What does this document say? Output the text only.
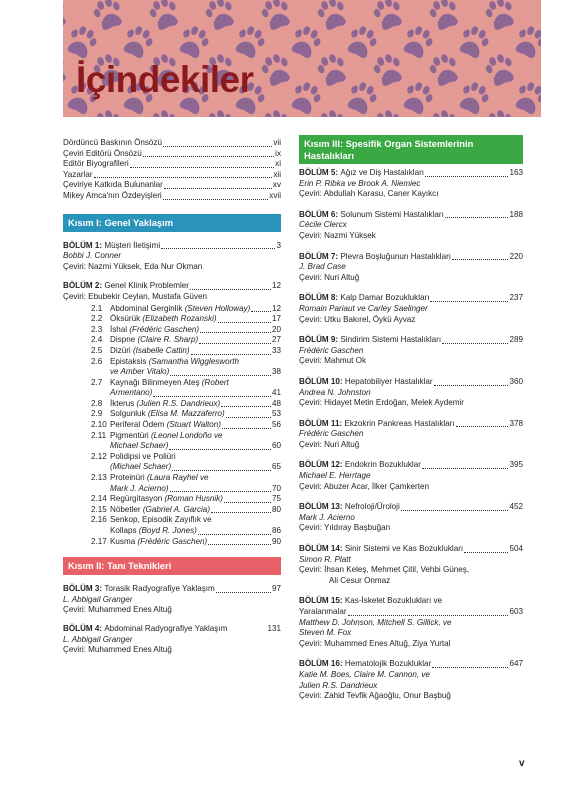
İçindekiler
Dördüncü Baskının Önsözü	vii
Çeviri Editörü Önsözü	ix
Editör Biyografileri	xi
Yazarlar	xii
Çeviriye Katkıda Bulunanlar	xv
Mikey Amca'nın Özdeyişleri	xvii
Kısım I: Genel Yaklaşım
BÖLÜM 1:
Müşteri İletişimi	3
Bobbi J. Conner
Çeviri: Nazmi Yüksek, Eda Nur Okman
BÖLÜM 2:
Genel Klinik Problemler	12
Çeviri: Ebubekir Ceylan, Mustafa Güven
2.1 Abdominal Gerginlik (Steven Holloway)	12
2.2 Öksürük (Elizabeth Rozanski)	17
2.3 İshal (Frédéric Gaschen)	20
2.4 Dispne (Claire R. Sharp)	27
2.5 Dizüri (Isabelle Cattin)	33
2.6 Epistaksis (Samantha Wigglesworth
ve Amber Vitalo)	38
2.7 Kaynağı Bilinmeyen Ateş (Robert
Armentano)	41
2.8 İkterus (Julien R.S. Dandrieux)	48
2.9 Solgunluk (Elisa M. Mazzaferro)	53
2.10 Periferal Ödem (Stuart Walton)	56
2.11 Pigmentüri (Leonel Londoño ve
Michael Schaer)	60
2.12 Polidipsi ve Poliüri
(Michael Schaer)	65
2.13 Proteinüri (Laura Rayhel ve
Mark J. Acierno)	70
2.14 Regürgitasyon (Roman Husnik)	75
2.15 Nöbetler (Gabriel A. Garcia)	80
2.16 Senkop, Episodik Zayıflık ve
Kollaps (Boyd R. Jones)	86
2.17 Kusma (Frédéric Gaschen)	90
Kısım II: Tanı Teknikleri
BÖLÜM 3:
Torasik Radyografiye Yaklaşım	97
L. Abbigail Granger
Çeviri: Muhammed Enes Altuğ
BÖLÜM 4:
Abdominal Radyografiye Yaklaşım	131
L. Abbigail Granger
Çeviri: Muhammed Enes Altuğ
Kısım III: Spesifik Organ Sistemlerinin Hastalıkları
BÖLÜM 5:
Ağız ve Diş Hastalıkları	163
Erin P. Ribka ve Brook A. Niemiec
Çeviri: Abdullah Karasu, Caner Kayıkcı
BÖLÜM 6:
Solunum Sistemi Hastalıkları	188
Cécile Clercx
Çeviri: Nazmi Yüksek
BÖLÜM 7:
Plevra Boşluğunun Hastalıkları	220
J. Brad Case
Çeviri: Nuri Altuğ
BÖLÜM 8:
Kalp Damar Bozuklukları	237
Romain Pariaut ve Carley Saelinger
Çeviri: Utku Bakırel, Öykü Ayvaz
BÖLÜM 9:
Sindirim Sistemi Hastalıkları	289
Frédéric Gaschen
Çeviri: Mahmut Ok
BÖLÜM 10:
Hepatobiliyer Hastalıklar	360
Andrea N. Johnston
Çeviri: Hidayet Metin Erdoğan, Melek Aydemir
BÖLÜM 11:
Ekzokrin Pankreas Hastalıkları	378
Frédéric Gaschen
Çeviri: Nuri Altuğ
BÖLÜM 12:
Endokrin Bozukluklar	395
Michael E. Herrtage
Çeviri: Abuzer Acar, İlker Çamkerten
BÖLÜM 13:
Nefroloji/Üroloji	452
Mark J. Acierno
Çeviri: Yıldıray Başbuğan
BÖLÜM 14:
Sinir Sistemi ve Kas Bozuklukları	504
Simon R. Platt
Çeviri: İhsan Keleş, Mehmet Çitil, Vehbi Güneş,
Ali Cesur Onmaz
BÖLÜM 15:
Kas-İskelet Bozuklukları ve
Yaralanmalar	603
Matthew D. Johnson, Mitchell S. Gillick, ve
Steven M. Fox
Çeviri: Muhammed Enes Altuğ, Ziya Yurtal
BÖLÜM 16:
Hematolojik Bozukluklar	647
Katie M. Boes, Claire M. Cannon, ve
Julien R.S. Dandrieux
Çeviri: Zahid Tevfik Ağaoğlu, Onur Başbuğ
v
